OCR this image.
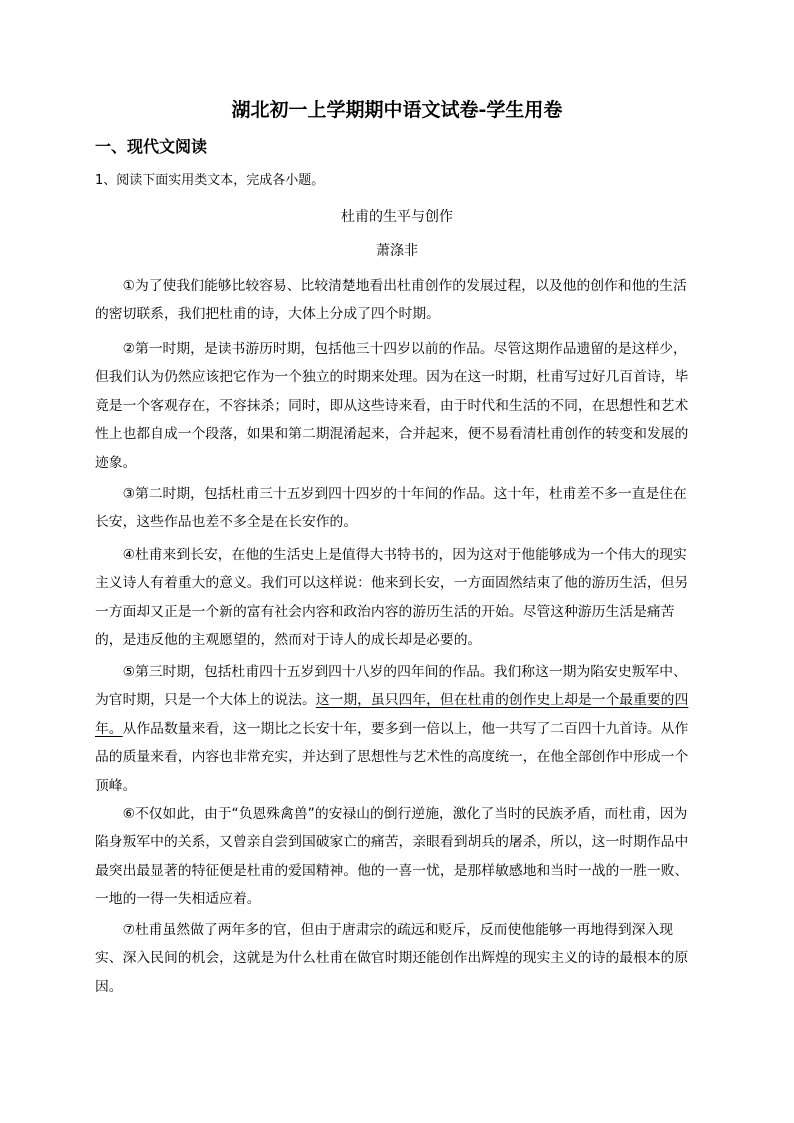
湖北初一上学期期中语文试卷-学生用卷
一、现代文阅读

1、阅读下面实用类文本，完成各小题。

杜甫的生平与创作

萧涤非

①为了使我们能够比较容易、比较清楚地看出杜甫创作的发展过程，以及他的创作和他的生活的密切联系，我们把杜甫的诗，大体上分成了四个时期。

②第一时期，是读书游历时期，包括他三十四岁以前的作品。尽管这期作品遗留的是这样少，但我们认为仍然应该把它作为一个独立的时期来处理。因为在这一时期，杜甫写过好几百首诗，毕竟是一个客观存在，不容抹杀；同时，即从这些诗来看，由于时代和生活的不同，在思想性和艺术性上也都自成一个段落，如果和第二期混淆起来，合并起来，便不易看清杜甫创作的转变和发展的迹象。

③第二时期，包括杜甫三十五岁到四十四岁的十年间的作品。这十年，杜甫差不多一直是住在长安，这些作品也差不多全是在长安作的。

④杜甫来到长安，在他的生活史上是值得大书特书的，因为这对于他能够成为一个伟大的现实主义诗人有着重大的意义。我们可以这样说：他来到长安，一方面固然结束了他的游历生活，但另一方面却又正是一个新的富有社会内容和政治内容的游历生活的开始。尽管这种游历生活是痛苦的，是违反他的主观愿望的，然而对于诗人的成长却是必要的。

⑤第三时期，包括杜甫四十五岁到四十八岁的四年间的作品。我们称这一期为陷安史叛军中、为官时期，只是一个大体上的说法。这一期，虽只四年，但在杜甫的创作史上却是一个最重要的四年。从作品数量来看，这一期比之长安十年，要多到一倍以上，他一共写了二百四十九首诗。从作品的质量来看，内容也非常充实，并达到了思想性与艺术性的高度统一，在他全部创作中形成一个顶峰。

⑥不仅如此，由于“负恩殊禽兽”的安禄山的倒行逆施，激化了当时的民族矛盾，而杜甫，因为陷身叛军中的关系，又曾亲自尝到国破家亡的痛苦，亲眼看到胡兵的屠杀，所以，这一时期作品中最突出最显著的特征便是杜甫的爱国精神。他的一喜一忧，是那样敏感地和当时一战的一胜一败、一地的一得一失相适应着。

⑦杜甫虽然做了两年多的官，但由于唐肃宗的疏远和贬斥，反而使他能够一再地得到深入现实、深入民间的机会，这就是为什么杜甫在做官时期还能创作出辉煌的现实主义的诗的最根本的原因。
